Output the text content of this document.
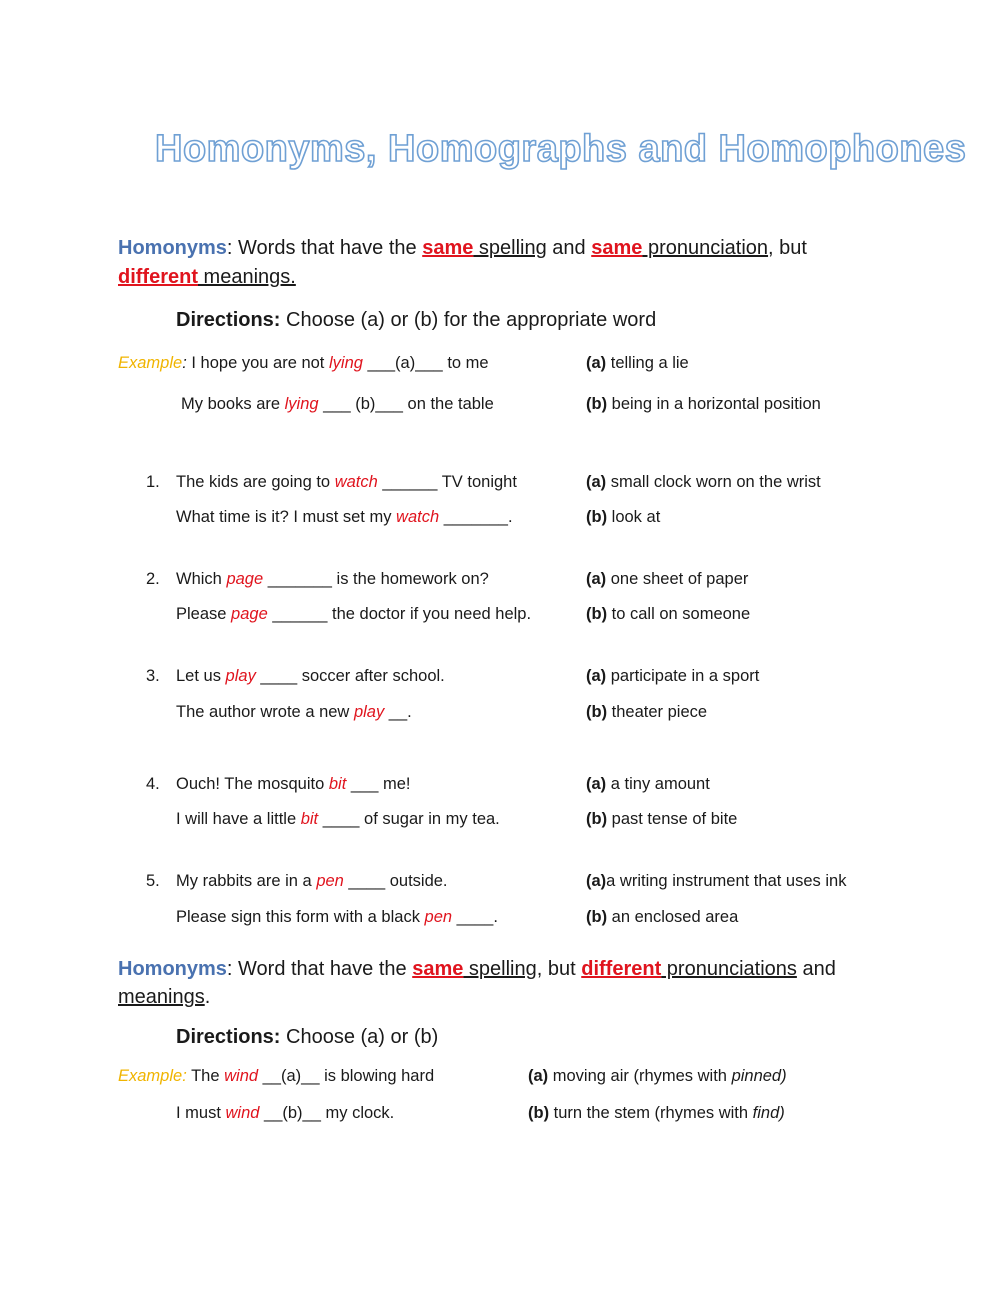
Homonyms, Homographs and Homophones
Homonyms: Words that have the same spelling and same pronunciation, but
different meanings.
Directions: Choose (a) or (b) for the appropriate word
Example: I hope you are not lying ___(a)___ to me	(a) telling a lie
My books are lying ___ (b)___ on the table	(b) being in a horizontal position
1. The kids are going to watch ______ TV tonight	(a) small clock worn on the wrist
What time is it? I must set my watch _______.	(b) look at
2. Which page _______ is the homework on?	(a) one sheet of paper
Please page ______ the doctor if you need help.	(b) to call on someone
3. Let us play ____ soccer after school.	(a) participate in a sport
The author wrote a new play __.	(b) theater piece
4. Ouch! The mosquito bit ___ me!	(a) a tiny amount
I will have a little bit ____ of sugar in my tea.	(b) past tense of bite
5. My rabbits are in a pen ____ outside.	(a)a writing instrument that uses ink
Please sign this form with a black pen ____.	(b) an enclosed area
Homonyms: Word that have the same spelling, but different pronunciations and
meanings.
Directions: Choose (a) or (b)
Example: The wind __(a)__ is blowing hard	(a) moving air (rhymes with pinned)
I must wind __(b)__ my clock.	(b) turn the stem (rhymes with find)
